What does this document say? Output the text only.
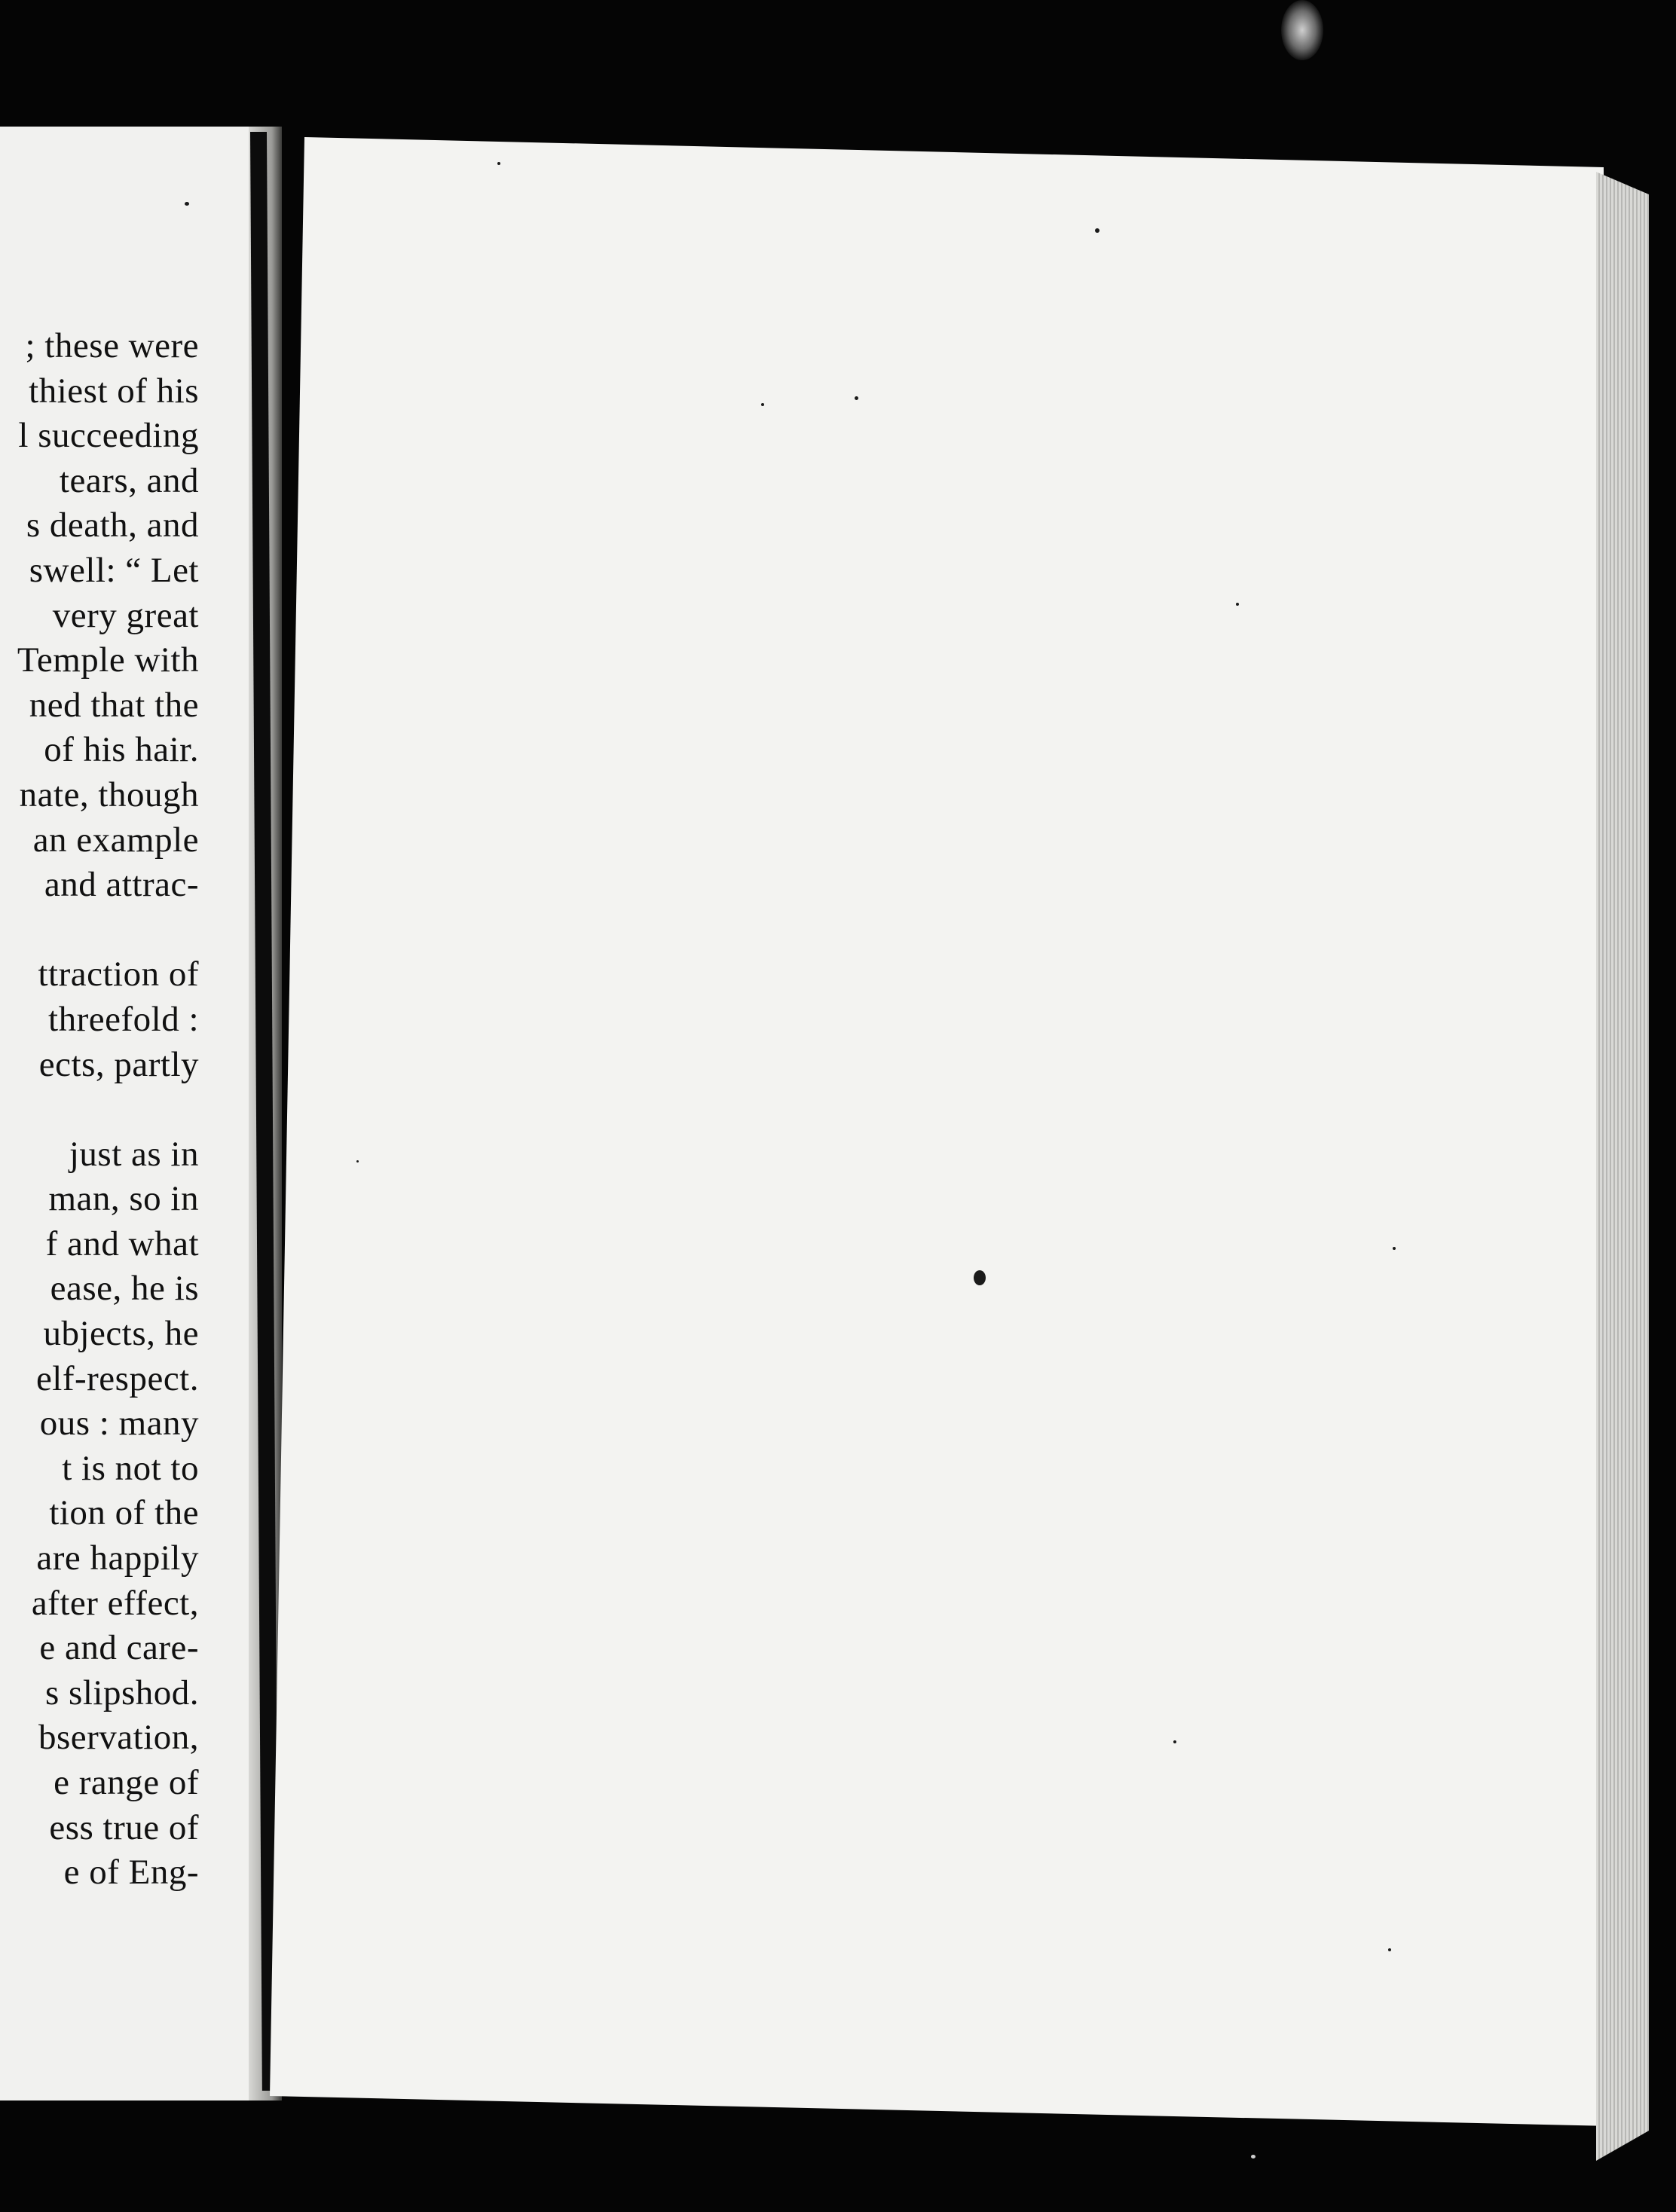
; these were
thiest of his
l succeeding
tears, and
s death, and
swell: “ Let
very great
Temple with
ned that the
of his hair.
nate, though
an example
and attrac-
ttraction of
threefold :
ects, partly
just as in
man, so in
f and what
ease, he is
ubjects, he
elf-respect.
ous : many
t is not to
tion of the
are happily
after effect,
e and care-
s slipshod.
bservation,
e range of
ess true of
e of Eng-
